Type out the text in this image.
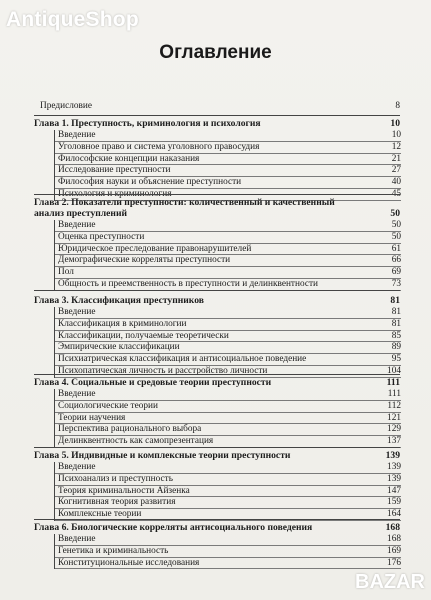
AntiqueShop
Оглавление
Предисловие	8
Глава 1. Преступность, криминология и психология	10
Введение	10
Уголовное право и система уголовного правосудия	12
Философские концепции наказания	21
Исследование преступности	27
Философия науки и объяснение преступности	40
Психология и криминология	45
Глава 2. Показатели преступности: количественный и качественный
анализ преступлений	50
Введение	50
Оценка преступности	50
Юридическое преследование правонарушителей	61
Демографические корреляты преступности	66
Пол	69
Общность и преемственность в преступности и делинквентности	73
Глава 3. Классификация преступников	81
Введение	81
Классификация в криминологии	81
Классификации, получаемые теоретически	85
Эмпирические классификации	89
Психиатрическая классификация и антисоциальное поведение	95
Психопатическая личность и расстройство личности	104
Глава 4. Социальные и средовые теории преступности	111
Введение	111
Социологические теории	112
Теории научения	121
Перспектива рационального выбора	129
Делинквентность как самопрезентация	137
Глава 5. Индивидные и комплексные теории преступности	139
Введение	139
Психоанализ и преступность	139
Теория криминальности Айзенка	147
Когнитивная теория развития	159
Комплексные теории	164
Глава 6. Биологические корреляты антисоциального поведения	168
Введение	168
Генетика и криминальность	169
Конституциональные исследования	176
BAZAR
